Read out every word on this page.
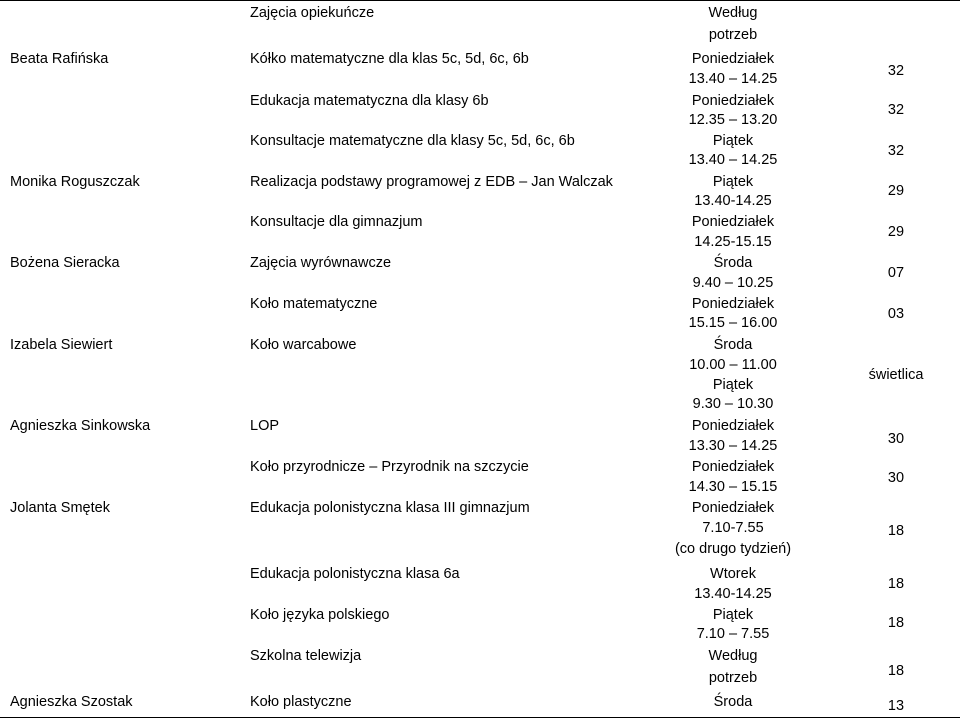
Beata Rafińska
Monika Roguszczak
Bożena Sieracka
Izabela Siewiert
Agnieszka Sinkowska
Jolanta Smętek
Agnieszka Szostak
Zajęcia opiekuńcze
Kółko matematyczne dla klas 5c, 5d, 6c, 6b
Edukacja matematyczna dla klasy 6b
Konsultacje matematyczne dla klasy 5c, 5d, 6c, 6b
Realizacja podstawy programowej z EDB – Jan Walczak
Konsultacje dla gimnazjum
Zajęcia wyrównawcze
Koło matematyczne
Koło warcabowe
LOP
Koło przyrodnicze – Przyrodnik na szczycie
Edukacja polonistyczna klasa III gimnazjum
Edukacja polonistyczna klasa 6a
Koło języka polskiego
Szkolna telewizja
Koło plastyczne
Według
potrzeb
Poniedziałek
13.40 – 14.25
Poniedziałek
12.35 – 13.20
Piątek
13.40 – 14.25
Piątek
13.40-14.25
Poniedziałek
14.25-15.15
Środa
9.40 – 10.25
Poniedziałek
15.15 – 16.00
Środa
10.00 – 11.00
Piątek
9.30 – 10.30
Poniedziałek
13.30 – 14.25
Poniedziałek
14.30 – 15.15
Poniedziałek
7.10-7.55
(co drugo tydzień)
Wtorek
13.40-14.25
Piątek
7.10 – 7.55
Według
potrzeb
Środa
32
32
32
29
29
07
03
świetlica
30
30
18
18
18
18
13
